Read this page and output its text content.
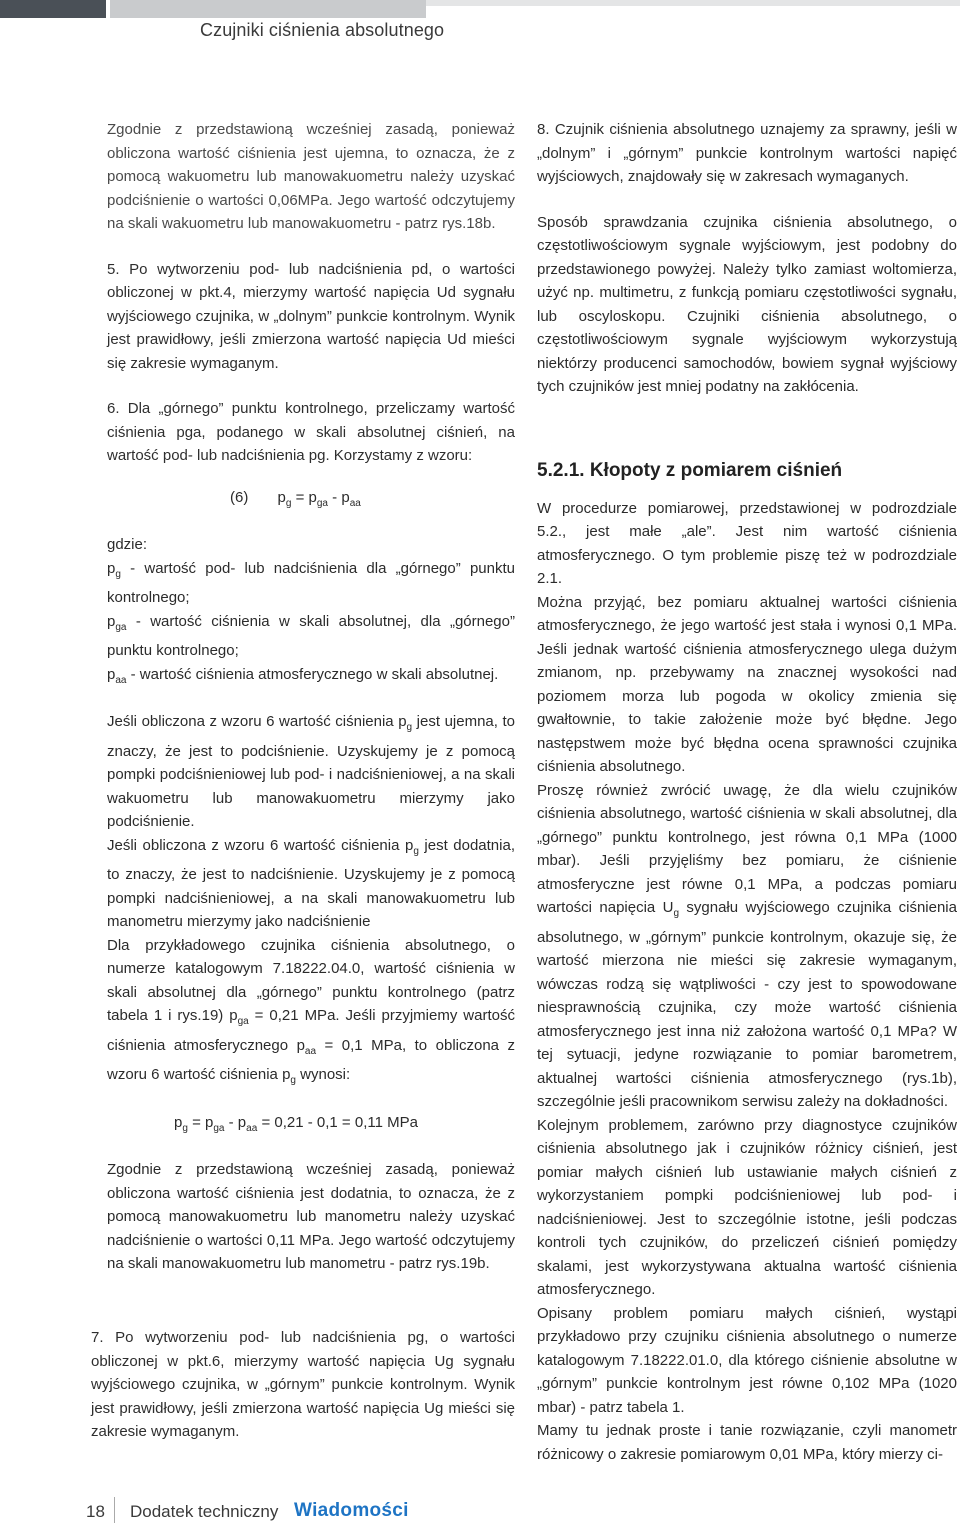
Czujniki ciśnienia absolutnego

Zgodnie z przedstawioną wcześniej zasadą, ponieważ obliczona wartość ciśnienia jest ujemna, to oznacza, że z pomocą wakuometru lub manowakuometru należy uzyskać podciśnienie o wartości 0,06MPa. Jego wartość odczytujemy na skali wakuometru lub manowakuometru - patrz rys.18b.

5. Po wytworzeniu pod- lub nadciśnienia pd, o wartości obliczonej w pkt.4, mierzymy wartość napięcia Ud sygnału wyjściowego czujnika, w „dolnym” punkcie kontrolnym. Wynik jest prawidłowy, jeśli zmierzona wartość napięcia Ud mieści się zakresie wymaganym.

6. Dla „górnego” punktu kontrolnego, przeliczamy wartość ciśnienia pga, podanego w skali absolutnej ciśnień, na wartość pod- lub nadciśnienia pg. Korzystamy z wzoru:

(6) $p_g = p_{ga} - p_{aa}$

gdzie:

$p_g$ - wartość pod- lub nadciśnienia dla „górnego” punktu kontrolnego;

$p_{ga}$ - wartość ciśnienia w skali absolutnej, dla „górnego” punktu kontrolnego;

$p_{aa}$ - wartość ciśnienia atmosferycznego w skali absolutnej.

Jeśli obliczona z wzoru 6 wartość ciśnienia $p_g$ jest ujemna, to znaczy, że jest to podciśnienie. Uzyskujemy je z pomocą pompki podciśnieniowej lub pod- i nadciśnieniowej, a na skali wakuometru lub manowakuometru mierzymy jako podciśnienie.

Jeśli obliczona z wzoru 6 wartość ciśnienia $p_g$ jest dodatnia, to znaczy, że jest to nadciśnienie. Uzyskujemy je z pomocą pompki nadciśnieniowej, a na skali manowakuometru lub manometru mierzymy jako nadciśnienie

Dla przykładowego czujnika ciśnienia absolutnego, o numerze katalogowym 7.18222.04.0, wartość ciśnienia w skali absolutnej dla „górnego” punktu kontrolnego (patrz tabela 1 i rys.19) $p_{ga} = 0,21$ MPa. Jeśli przyjmiemy wartość ciśnienia atmosferycznego $p_{aa} = 0,1$ MPa, to obliczona z wzoru 6 wartość ciśnienia $p_g$ wynosi:

$p_g = p_{ga} - p_{aa} = 0,21 - 0,1 = 0,11$ MPa

Zgodnie z przedstawioną wcześniej zasadą, ponieważ obliczona wartość ciśnienia jest dodatnia, to oznacza, że z pomocą manowakuometru lub manometru należy uzyskać nadciśnienie o wartości 0,11 MPa. Jego wartość odczytujemy na skali manowakuometru lub manometru - patrz rys.19b.

7. Po wytworzeniu pod- lub nadciśnienia pg, o wartości obliczonej w pkt.6, mierzymy wartość napięcia Ug sygnału wyjściowego czujnika, w „górnym” punkcie kontrolnym. Wynik jest prawidłowy, jeśli zmierzona wartość napięcia Ug mieści się zakresie wymaganym.

8. Czujnik ciśnienia absolutnego uznajemy za sprawny, jeśli w „dolnym” i „górnym” punkcie kontrolnym wartości napięć wyjściowych, znajdowały się w zakresach wymaganych.

Sposób sprawdzania czujnika ciśnienia absolutnego, o częstotliwościowym sygnale wyjściowym, jest podobny do przedstawionego powyżej. Należy tylko zamiast woltomierza, użyć np. multimetru, z funkcją pomiaru częstotliwości sygnału, lub oscyloskopu. Czujniki ciśnienia absolutnego, o częstotliwościowym sygnale wyjściowym wykorzystują niektórzy producenci samochodów, bowiem sygnał wyjściowy tych czujników jest mniej podatny na zakłócenia.

5.2.1. Kłopoty z pomiarem ciśnień

W procedurze pomiarowej, przedstawionej w podrozdziale 5.2., jest małe „ale”. Jest nim wartość ciśnienia atmosferycznego. O tym problemie piszę też w podrozdziale 2.1.

Można przyjąć, bez pomiaru aktualnej wartości ciśnienia atmosferycznego, że jego wartość jest stała i wynosi 0,1 MPa. Jeśli jednak wartość ciśnienia atmosferycznego ulega dużym zmianom, np. przebywamy na znacznej wysokości nad poziomem morza lub pogoda w okolicy zmienia się gwałtownie, to takie założenie może być błędne. Jego następstwem może być błędna ocena sprawności czujnika ciśnienia absolutnego.

Proszę również zwrócić uwagę, że dla wielu czujników ciśnienia absolutnego, wartość ciśnienia w skali absolutnej, dla „górnego” punktu kontrolnego, jest równa 0,1 MPa (1000 mbar). Jeśli przyjęliśmy bez pomiaru, że ciśnienie atmosferyczne jest równe 0,1 MPa, a podczas pomiaru wartości napięcia $U_g$ sygnału wyjściowego czujnika ciśnienia absolutnego, w „górnym” punkcie kontrolnym, okazuje się, że wartość mierzona nie mieści się zakresie wymaganym, wówczas rodzą się wątpliwości - czy jest to spowodowane niesprawnością czujnika, czy może wartość ciśnienia atmosferycznego jest inna niż założona wartość 0,1 MPa? W tej sytuacji, jedyne rozwiązanie to pomiar barometrem, aktualnej wartości ciśnienia atmosferycznego (rys.1b), szczególnie jeśli pracownikom serwisu zależy na dokładności.

Kolejnym problemem, zarówno przy diagnostyce czujników ciśnienia absolutnego jak i czujników różnicy ciśnień, jest pomiar małych ciśnień lub ustawianie małych ciśnień z wykorzystaniem pompki podciśnieniowej lub pod- i nadciśnieniowej. Jest to szczególnie istotne, jeśli podczas kontroli tych czujników, do przeliczeń ciśnień pomiędzy skalami, jest wykorzystywana aktualna wartość ciśnienia atmosferycznego.

Opisany problem pomiaru małych ciśnień, wystąpi przykładowo przy czujniku ciśnienia absolutnego o numerze katalogowym 7.18222.01.0, dla którego ciśnienie absolutne w „górnym” punkcie kontrolnym jest równe 0,102 MPa (1020 mbar) - patrz tabela 1.

Mamy tu jednak proste i tanie rozwiązanie, czyli manometr różnicowy o zakresie pomiarowym 0,01 MPa, który mierzy ci-

18 Dodatek techniczny Wiadomości
